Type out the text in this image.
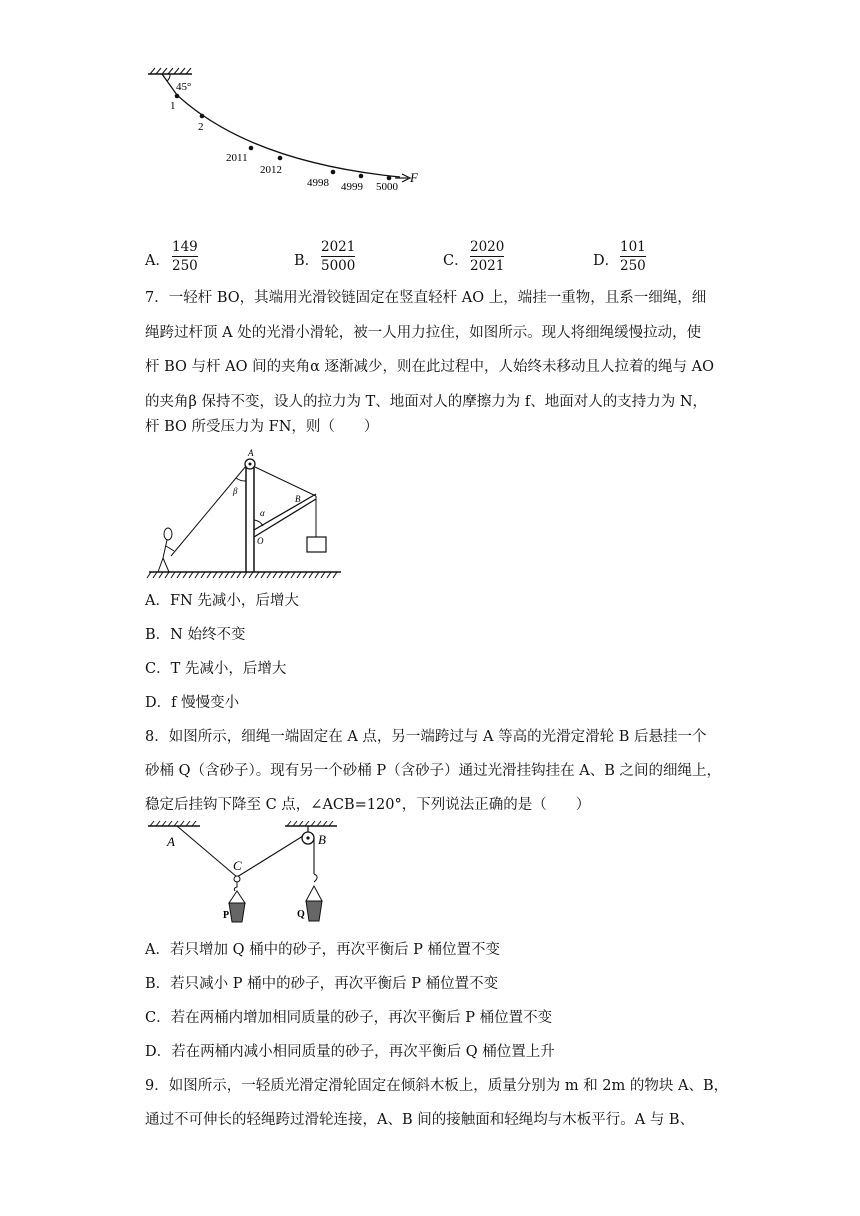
45°
1
2
2011
2012
4998 4999 5000
F
A．
149
250	B．
2021
5000	C．
2020
2021	D．
101
250
7．一轻杆 BO，其端用光滑铰链固定在竖直轻杆 AO 上，端挂一重物，且系一细绳，细
绳跨过杆顶 A 处的光滑小滑轮，被一人用力拉住，如图所示。现人将细绳缓慢拉动，使
杆 BO 与杆 AO 间的夹角α 逐渐减少，则在此过程中，人始终未移动且人拉着的绳与 AO
的夹角β 保持不变，设人的拉力为 T、地面对人的摩擦力为 f、地面对人的支持力为 N，
杆 BO 所受压力为 FN，则（　　）
A
O
B
α
β
A．FN 先减小，后增大
B．N 始终不变
C．T 先减小，后增大
D．f 慢慢变小
8．如图所示，细绳一端固定在 A 点，另一端跨过与 A 等高的光滑定滑轮 B 后悬挂一个
砂桶 Q（含砂子）。现有另一个砂桶 P（含砂子）通过光滑挂钩挂在 A、B 之间的细绳上，
稳定后挂钩下降至 C 点，∠ACB=120°，下列说法正确的是（　　）
A
C
B
P	Q
A．若只增加 Q 桶中的砂子，再次平衡后 P 桶位置不变
B．若只减小 P 桶中的砂子，再次平衡后 P 桶位置不变
C．若在两桶内增加相同质量的砂子，再次平衡后 P 桶位置不变
D．若在两桶内减小相同质量的砂子，再次平衡后 Q 桶位置上升
9．如图所示，一轻质光滑定滑轮固定在倾斜木板上，质量分别为 m 和 2m 的物块 A、B，
通过不可伸长的轻绳跨过滑轮连接，A、B 间的接触面和轻绳均与木板平行。A 与 B、
